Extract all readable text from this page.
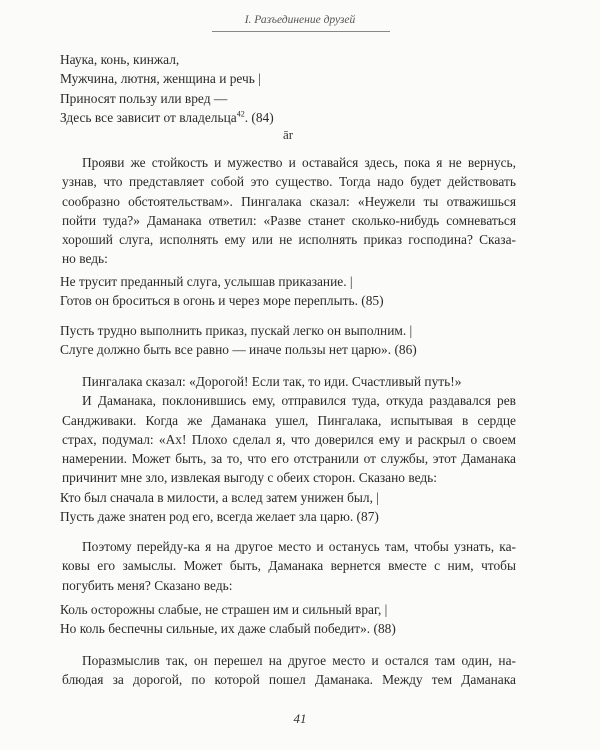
I. Разъединение друзей
Наука, конь, кинжал,
Мужчина, лютня, женщина и речь |
Приносят пользу или вред —
Здесь все зависит от владельца$^{42}$. (84)
ār
Прояви же стойкость и мужество и оставайся здесь, пока я не вернусь,
узнав, что представляет собой это существо. Тогда надо будет действовать
сообразно обстоятельствам». Пингалака сказал: «Неужели ты отважишься
пойти туда?» Даманака ответил: «Разве станет сколько-нибудь сомневаться
хороший слуга, исполнять ему или не исполнять приказ господина? Сказа-
но ведь:
Не трусит преданный слуга, услышав приказание. |
Готов он броситься в огонь и через море переплыть. (85)
Пусть трудно выполнить приказ, пускай легко он выполним. |
Слуге должно быть все равно — иначе пользы нет царю». (86)
Пингалака сказал: «Дорогой! Если так, то иди. Счастливый путь!»
И Даманака, поклонившись ему, отправился туда, откуда раздавался рев
Сандживаки. Когда же Даманака ушел, Пингалака, испытывая в сердце
страх, подумал: «Ах! Плохо сделал я, что доверился ему и раскрыл о своем
намерении. Может быть, за то, что его отстранили от службы, этот Даманака
причинит мне зло, извлекая выгоду с обеих сторон. Сказано ведь:
Кто был сначала в милости, а вслед затем унижен был, |
Пусть даже знатен род его, всегда желает зла царю. (87)
Поэтому перейду-ка я на другое место и останусь там, чтобы узнать, ка-
ковы его замыслы. Может быть, Даманака вернется вместе с ним, чтобы
погубить меня? Сказано ведь:
Коль осторожны слабые, не страшен им и сильный враг, |
Но коль беспечны сильные, их даже слабый победит». (88)
Поразмыслив так, он перешел на другое место и остался там один, на-
блюдая за дорогой, по которой пошел Даманака. Между тем Даманака
41
